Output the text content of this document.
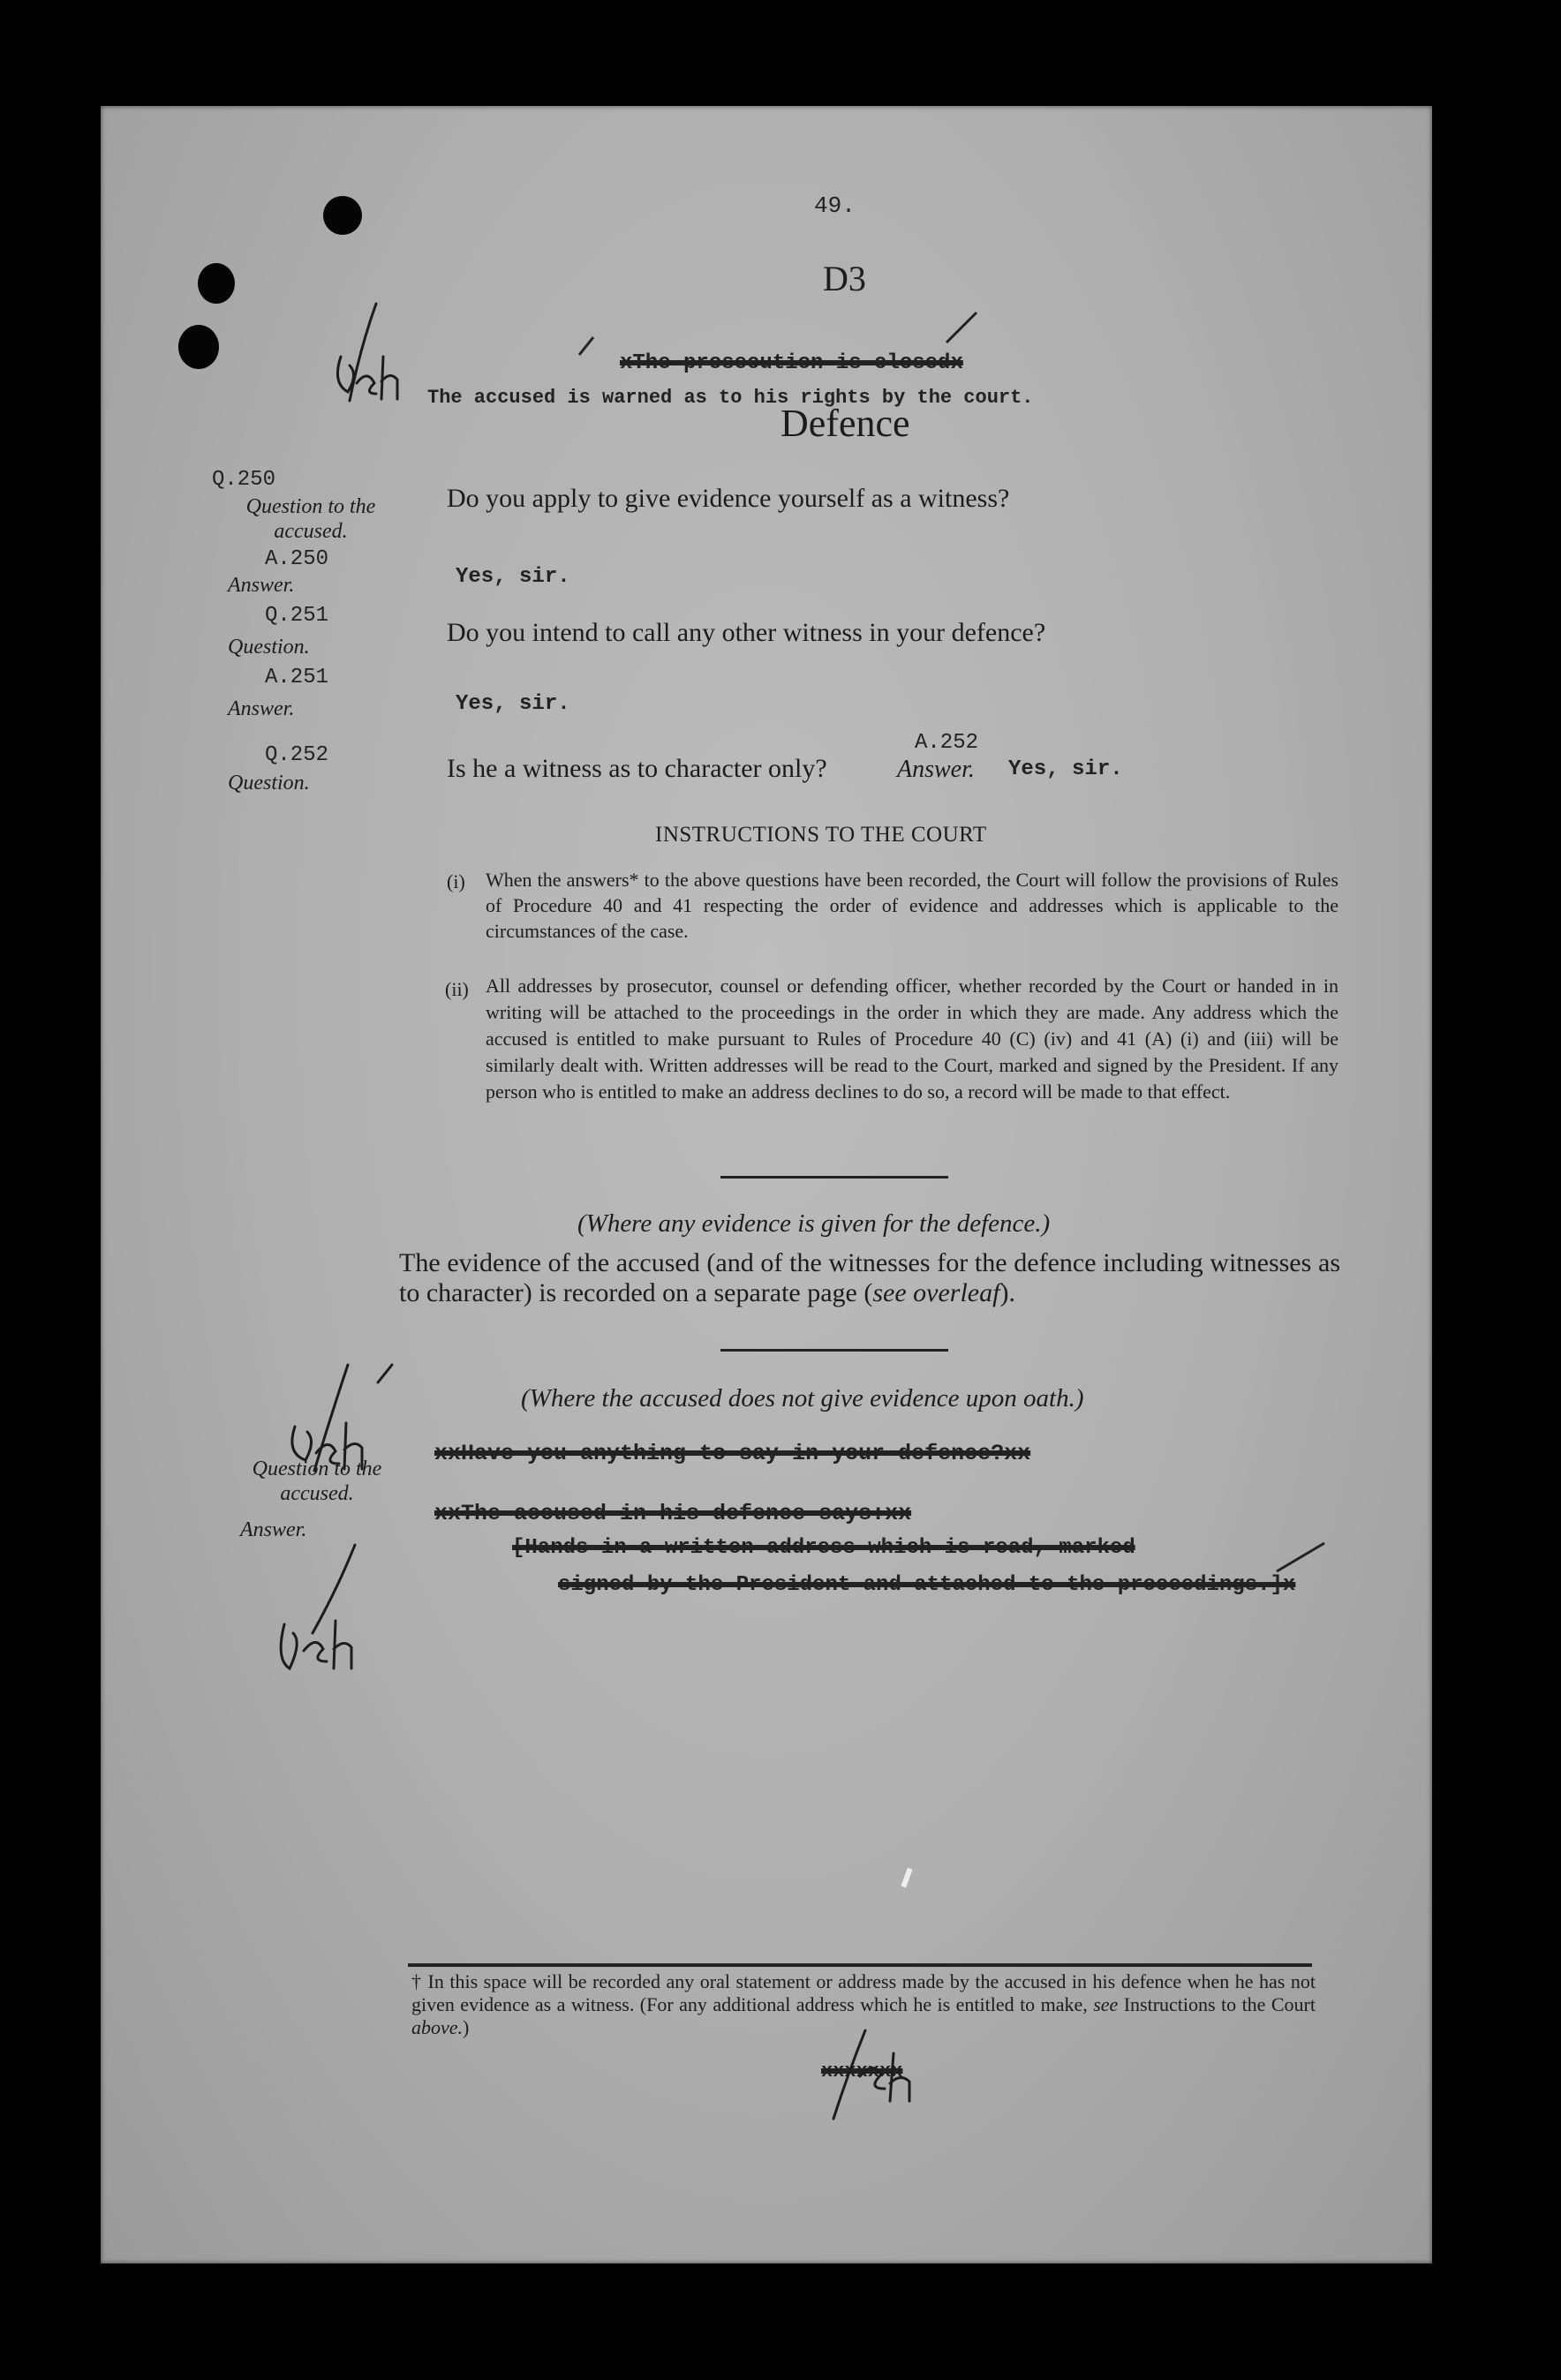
49.
D3
xThe prosecution is closedx
The accused is warned as to his rights by the court.
Defence
Q.250
Question to the accused.
A.250
Answer.
Q.251
Question.
A.251
Answer.
Q.252
Question.
Do you apply to give evidence yourself as a witness?
Yes, sir.
Do you intend to call any other witness in your defence?
Yes, sir.
Is he a witness as to character only?
A.252
Answer. Yes, sir.
INSTRUCTIONS TO THE COURT
(i) When the answers* to the above questions have been recorded, the Court will follow the provisions of Rules of Procedure 40 and 41 respecting the order of evidence and addresses which is applicable to the circumstances of the case.
(ii) All addresses by prosecutor, counsel or defending officer, whether recorded by the Court or handed in in writing will be attached to the proceedings in the order in which they are made. Any address which the accused is entitled to make pursuant to Rules of Procedure 40 (C) (iv) and 41 (A) (i) and (iii) will be similarly dealt with. Written addresses will be read to the Court, marked and signed by the President. If any person who is entitled to make an address declines to do so, a record will be made to that effect.
(Where any evidence is given for the defence.)
The evidence of the accused (and of the witnesses for the defence including witnesses as to character) is recorded on a separate page (see overleaf).
(Where the accused does not give evidence upon oath.)
Question to the accused.
Answer.
xxHave you anything to say in your defence?xx
xxThe accused in his defence says:xx
[Hands in a written address which is read, marked
signed by the President and attached to the proceedings.]x
† In this space will be recorded any oral statement or address made by the accused in his defence when he has not given evidence as a witness. (For any additional address which he is entitled to make, see Instructions to the Court above.)
xxxxxxx
